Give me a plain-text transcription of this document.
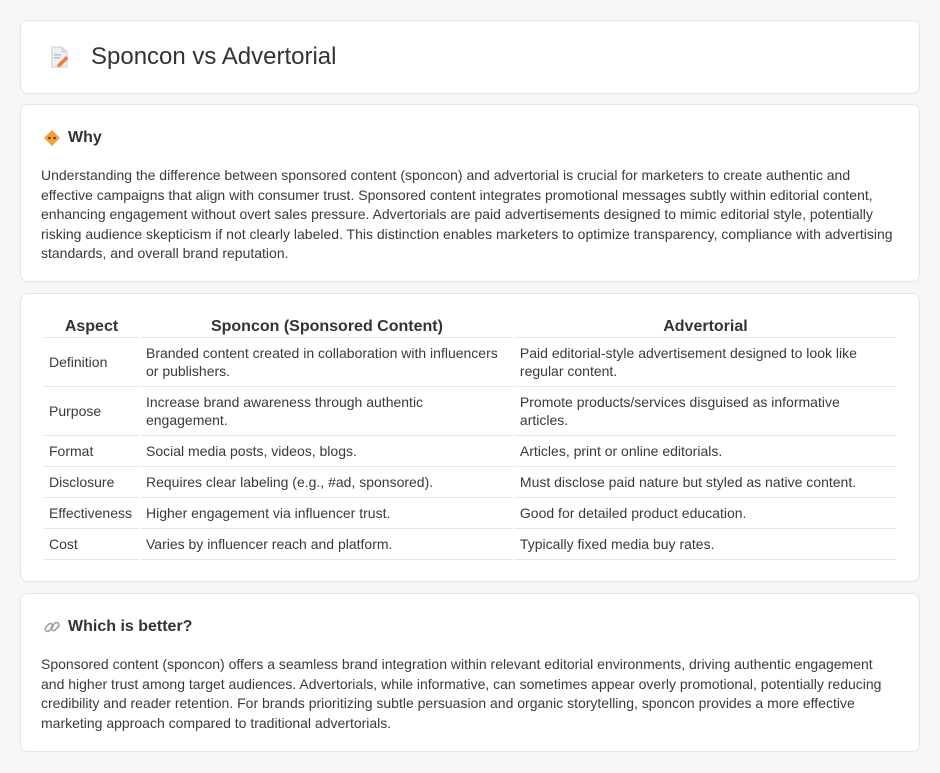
Sponcon vs Advertorial
Why

Understanding the difference between sponsored content (sponcon) and advertorial is crucial for marketers to create authentic and effective campaigns that align with consumer trust. Sponsored content integrates promotional messages subtly within editorial content, enhancing engagement without overt sales pressure. Advertorials are paid advertisements designed to mimic editorial style, potentially risking audience skepticism if not clearly labeled. This distinction enables marketers to optimize transparency, compliance with advertising standards, and overall brand reputation.

Aspect	Sponcon (Sponsored Content)	Advertorial
Definition	Branded content created in collaboration with influencers or publishers.	Paid editorial-style advertisement designed to look like regular content.
Purpose	Increase brand awareness through authentic engagement.	Promote products/services disguised as informative articles.
Format	Social media posts, videos, blogs.	Articles, print or online editorials.
Disclosure	Requires clear labeling (e.g., #ad, sponsored).	Must disclose paid nature but styled as native content.
Effectiveness	Higher engagement via influencer trust.	Good for detailed product education.
Cost	Varies by influencer reach and platform.	Typically fixed media buy rates.
Which is better?

Sponsored content (sponcon) offers a seamless brand integration within relevant editorial environments, driving authentic engagement and higher trust among target audiences. Advertorials, while informative, can sometimes appear overly promotional, potentially reducing credibility and reader retention. For brands prioritizing subtle persuasion and organic storytelling, sponcon provides a more effective marketing approach compared to traditional advertorials.
